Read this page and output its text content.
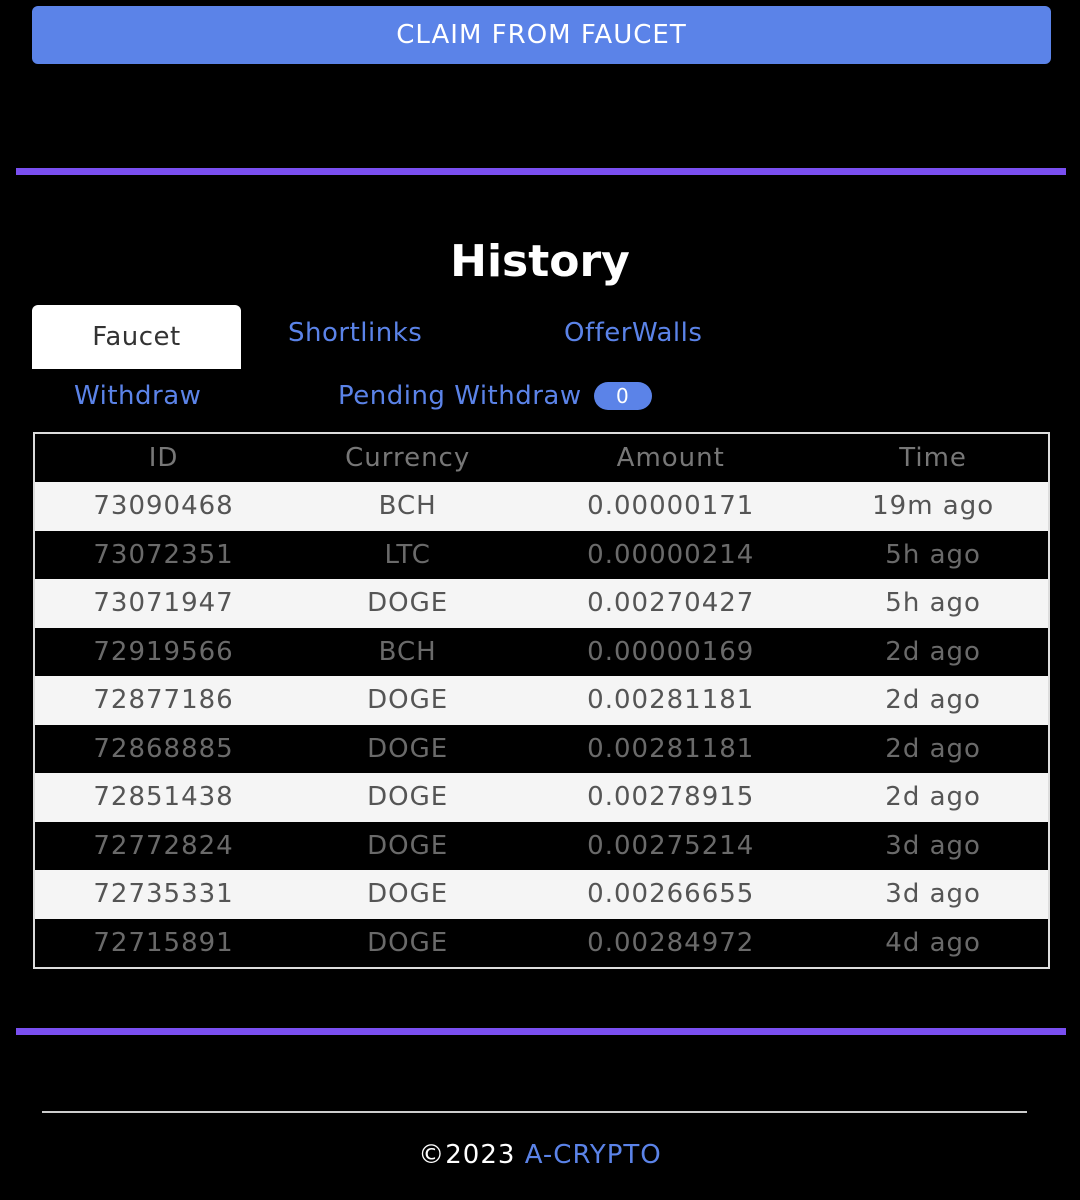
CLAIM FROM FAUCET
History
Faucet	Shortlinks	OfferWalls
Withdraw	Pending Withdraw	0
ID	Currency	Amount	Time
73090468	BCH	0.00000171	19m ago
73072351	LTC	0.00000214	5h ago
73071947	DOGE	0.00270427	5h ago
72919566	BCH	0.00000169	2d ago
72877186	DOGE	0.00281181	2d ago
72868885	DOGE	0.00281181	2d ago
72851438	DOGE	0.00278915	2d ago
72772824	DOGE	0.00275214	3d ago
72735331	DOGE	0.00266655	3d ago
72715891	DOGE	0.00284972	4d ago
©2023 A-CRYPTO
